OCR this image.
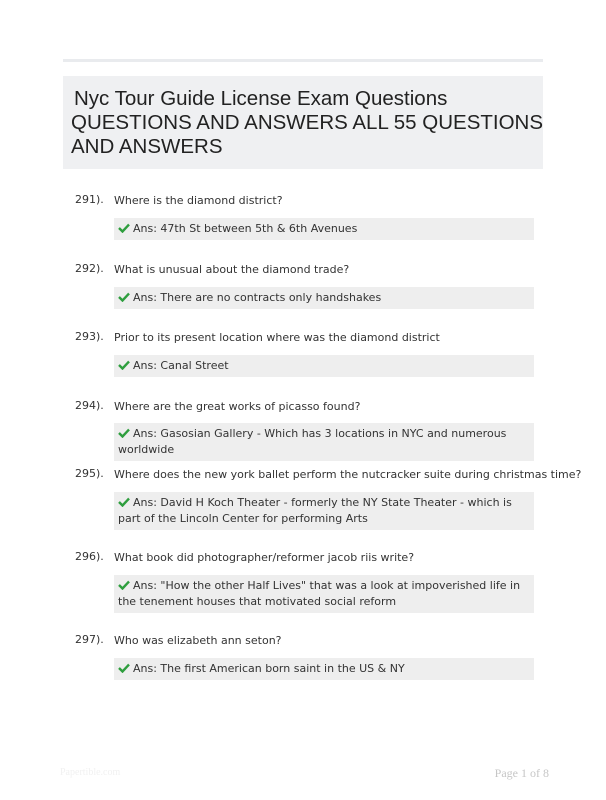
Nyc Tour Guide License Exam Questions
QUESTIONS AND ANSWERS ALL 55 QUESTIONS
AND ANSWERS
291). Where is the diamond district?
Ans: 47th St between 5th & 6th Avenues
292). What is unusual about the diamond trade?
Ans: There are no contracts only handshakes
293). Prior to its present location where was the diamond district
Ans: Canal Street
294). Where are the great works of picasso found?
Ans: Gasosian Gallery - Which has 3 locations in NYC and numerous worldwide
295). Where does the new york ballet perform the nutcracker suite during christmas time?
Ans: David H Koch Theater - formerly the NY State Theater - which is part of the Lincoln Center for performing Arts
296). What book did photographer/reformer jacob riis write?
Ans: "How the other Half Lives" that was a look at impoverished life in the tenement houses that motivated social reform
297). Who was elizabeth ann seton?
Ans: The first American born saint in the US & NY
Papertible.com	Page 1 of 8
